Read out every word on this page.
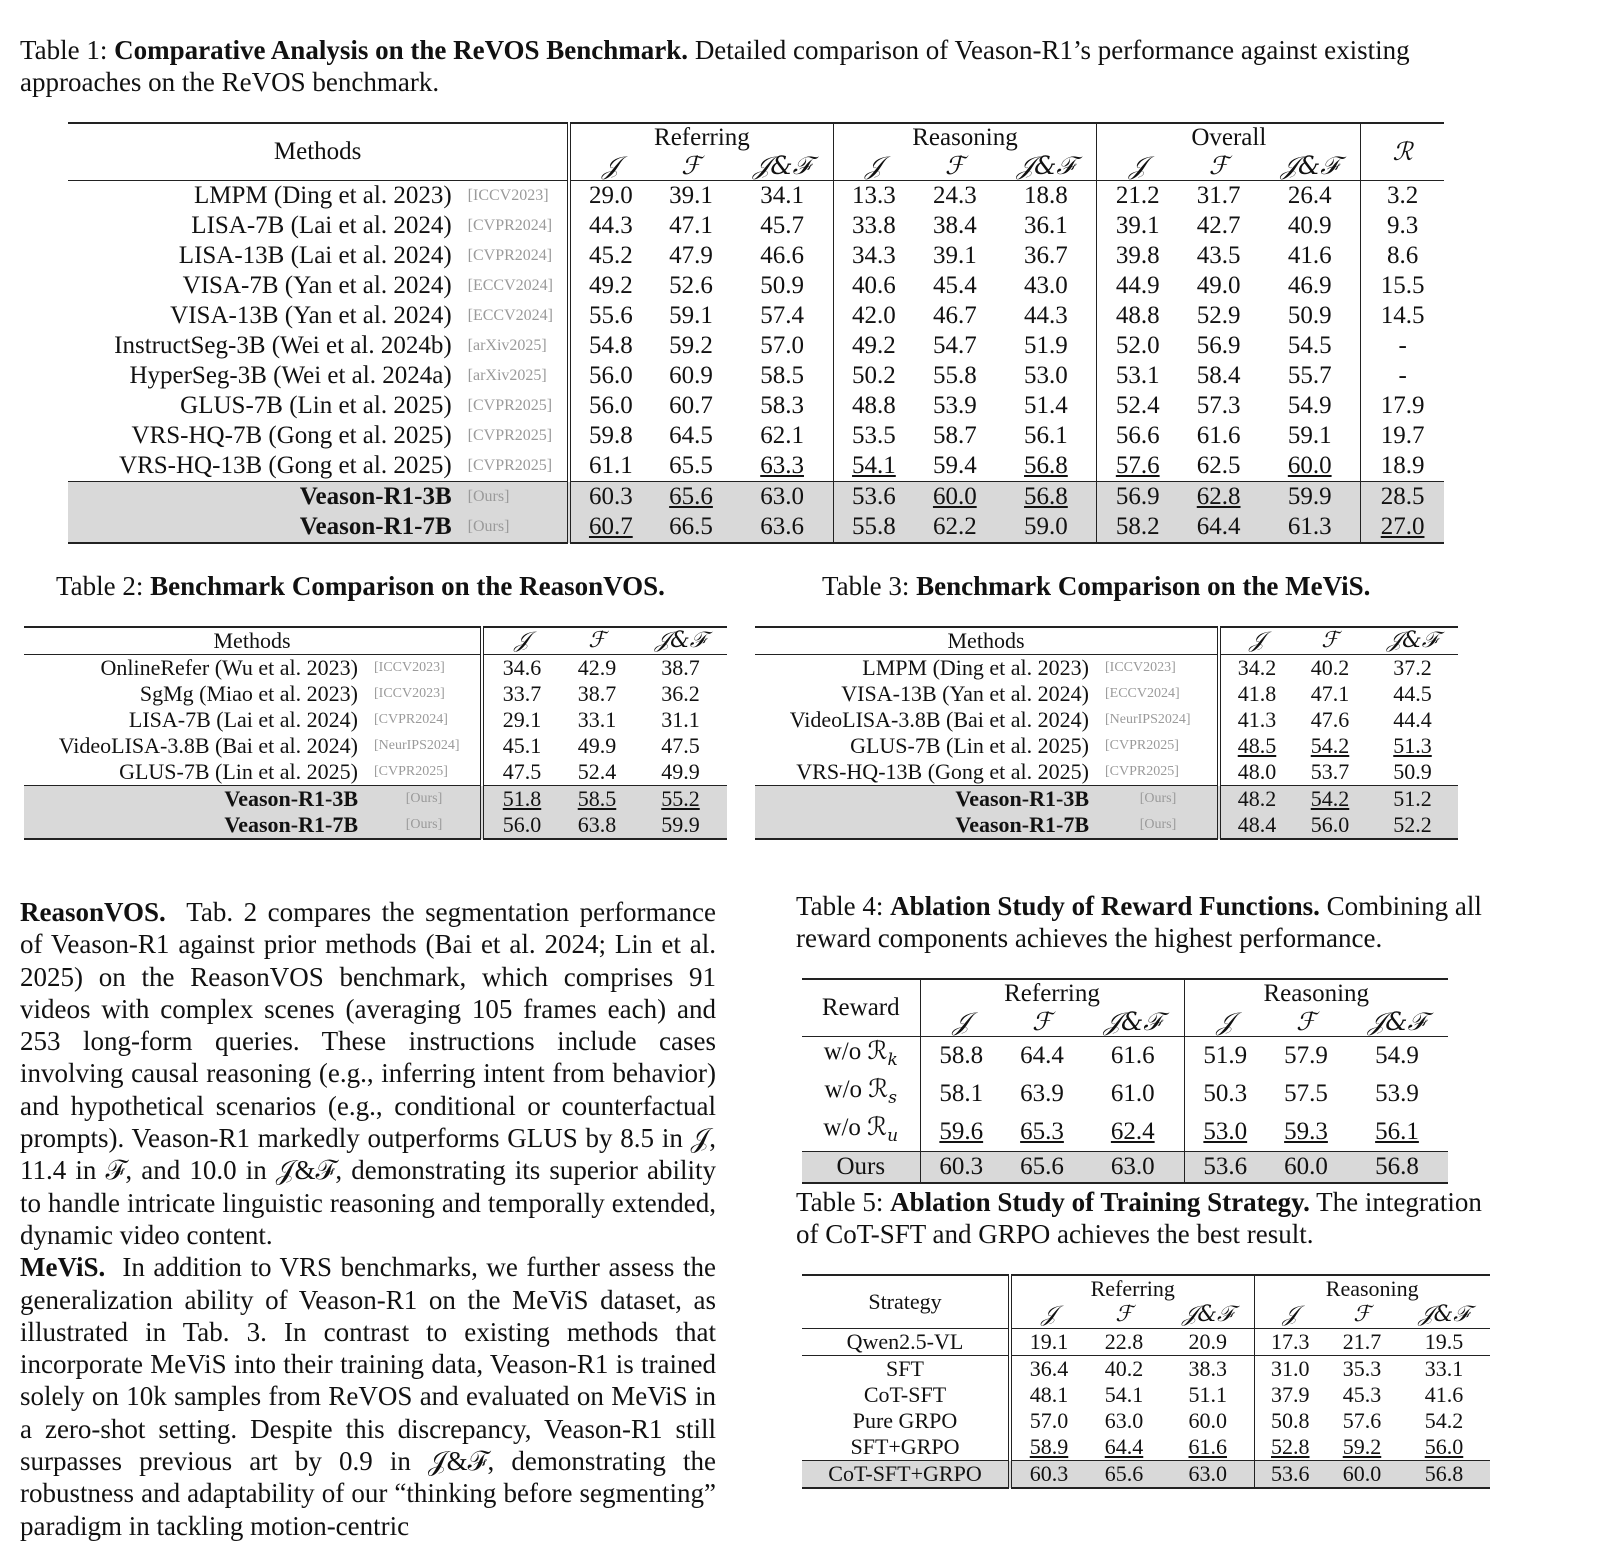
Table 1: Comparative Analysis on the ReVOS Benchmark. Detailed comparison of Veason-R1’s performance against existing approaches on the ReVOS benchmark.
Methods		Referring			Reasoning			Overall			ℛ
		𝒥	ℱ	𝒥&ℱ	𝒥	ℱ	𝒥&ℱ	𝒥	ℱ	𝒥&ℱ	
LMPM (Ding et al. 2023)	[ICCV2023]	29.0	39.1	34.1	13.3	24.3	18.8	21.2	31.7	26.4	3.2
LISA-7B (Lai et al. 2024)	[CVPR2024]	44.3	47.1	45.7	33.8	38.4	36.1	39.1	42.7	40.9	9.3
LISA-13B (Lai et al. 2024)	[CVPR2024]	45.2	47.9	46.6	34.3	39.1	36.7	39.8	43.5	41.6	8.6
VISA-7B (Yan et al. 2024)	[ECCV2024]	49.2	52.6	50.9	40.6	45.4	43.0	44.9	49.0	46.9	15.5
VISA-13B (Yan et al. 2024)	[ECCV2024]	55.6	59.1	57.4	42.0	46.7	44.3	48.8	52.9	50.9	14.5
InstructSeg-3B (Wei et al. 2024b)	[arXiv2025]	54.8	59.2	57.0	49.2	54.7	51.9	52.0	56.9	54.5	-
HyperSeg-3B (Wei et al. 2024a)	[arXiv2025]	56.0	60.9	58.5	50.2	55.8	53.0	53.1	58.4	55.7	-
GLUS-7B (Lin et al. 2025)	[CVPR2025]	56.0	60.7	58.3	48.8	53.9	51.4	52.4	57.3	54.9	17.9
VRS-HQ-7B (Gong et al. 2025)	[CVPR2025]	59.8	64.5	62.1	53.5	58.7	56.1	56.6	61.6	59.1	19.7
VRS-HQ-13B (Gong et al. 2025)	[CVPR2025]	61.1	65.5	63.3	54.1	59.4	56.8	57.6	62.5	60.0	18.9
Veason-R1-3B	[Ours]	60.3	65.6	63.0	53.6	60.0	56.8	56.9	62.8	59.9	28.5
Veason-R1-7B	[Ours]	60.7	66.5	63.6	55.8	62.2	59.0	58.2	64.4	61.3	27.0
Table 2: Benchmark Comparison on the ReasonVOS.
Methods		𝒥	ℱ	𝒥&ℱ
OnlineRefer (Wu et al. 2023)	[ICCV2023]	34.6	42.9	38.7
SgMg (Miao et al. 2023)	[ICCV2023]	33.7	38.7	36.2
LISA-7B (Lai et al. 2024)	[CVPR2024]	29.1	33.1	31.1
VideoLISA-3.8B (Bai et al. 2024)	[NeurIPS2024]	45.1	49.9	47.5
GLUS-7B (Lin et al. 2025)	[CVPR2025]	47.5	52.4	49.9
Veason-R1-3B	[Ours]	51.8	58.5	55.2
Veason-R1-7B	[Ours]	56.0	63.8	59.9
Table 3: Benchmark Comparison on the MeViS.
Methods		𝒥	ℱ	𝒥&ℱ
LMPM (Ding et al. 2023)	[ICCV2023]	34.2	40.2	37.2
VISA-13B (Yan et al. 2024)	[ECCV2024]	41.8	47.1	44.5
VideoLISA-3.8B (Bai et al. 2024)	[NeurIPS2024]	41.3	47.6	44.4
GLUS-7B (Lin et al. 2025)	[CVPR2025]	48.5	54.2	51.3
VRS-HQ-13B (Gong et al. 2025)	[CVPR2025]	48.0	53.7	50.9
Veason-R1-3B	[Ours]	48.2	54.2	51.2
Veason-R1-7B	[Ours]	48.4	56.0	52.2

ReasonVOS. Tab. 2 compares the segmentation performance of Veason-R1 against prior methods (Bai et al. 2024; Lin et al. 2025) on the ReasonVOS benchmark, which comprises 91 videos with complex scenes (averaging 105 frames each) and 253 long-form queries. These instructions include cases involving causal reasoning (e.g., inferring intent from behavior) and hypothetical scenarios (e.g., conditional or counterfactual prompts). Veason-R1 markedly outperforms GLUS by 8.5 in 𝒥, 11.4 in ℱ, and 10.0 in 𝒥&ℱ, demonstrating its superior ability to handle intricate linguistic reasoning and temporally extended, dynamic video content.

MeViS. In addition to VRS benchmarks, we further assess the generalization ability of Veason-R1 on the MeViS dataset, as illustrated in Tab. 3. In contrast to existing methods that incorporate MeViS into their training data, Veason-R1 is trained solely on 10k samples from ReVOS and evaluated on MeViS in a zero-shot setting. Despite this discrepancy, Veason-R1 still surpasses previous art by 0.9 in 𝒥&ℱ, demonstrating the robustness and adaptability of our “thinking before segmenting” paradigm in tackling motion-centric

Table 4: Ablation Study of Reward Functions. Combining all reward components achieves the highest performance.
Reward	Referring			Reasoning		
	𝒥	ℱ	𝒥&ℱ	𝒥	ℱ	𝒥&ℱ
w/o ℛ$_k$	58.8	64.4	61.6	51.9	57.9	54.9
w/o ℛ$_s$	58.1	63.9	61.0	50.3	57.5	53.9
w/o ℛ$_u$	59.6	65.3	62.4	53.0	59.3	56.1
Ours	60.3	65.6	63.0	53.6	60.0	56.8
Table 5: Ablation Study of Training Strategy. The integration of CoT-SFT and GRPO achieves the best result.
Strategy	Referring			Reasoning		
	𝒥	ℱ	𝒥&ℱ	𝒥	ℱ	𝒥&ℱ
Qwen2.5-VL	19.1	22.8	20.9	17.3	21.7	19.5
SFT	36.4	40.2	38.3	31.0	35.3	33.1
CoT-SFT	48.1	54.1	51.1	37.9	45.3	41.6
Pure GRPO	57.0	63.0	60.0	50.8	57.6	54.2
SFT+GRPO	58.9	64.4	61.6	52.8	59.2	56.0
CoT-SFT+GRPO	60.3	65.6	63.0	53.6	60.0	56.8
